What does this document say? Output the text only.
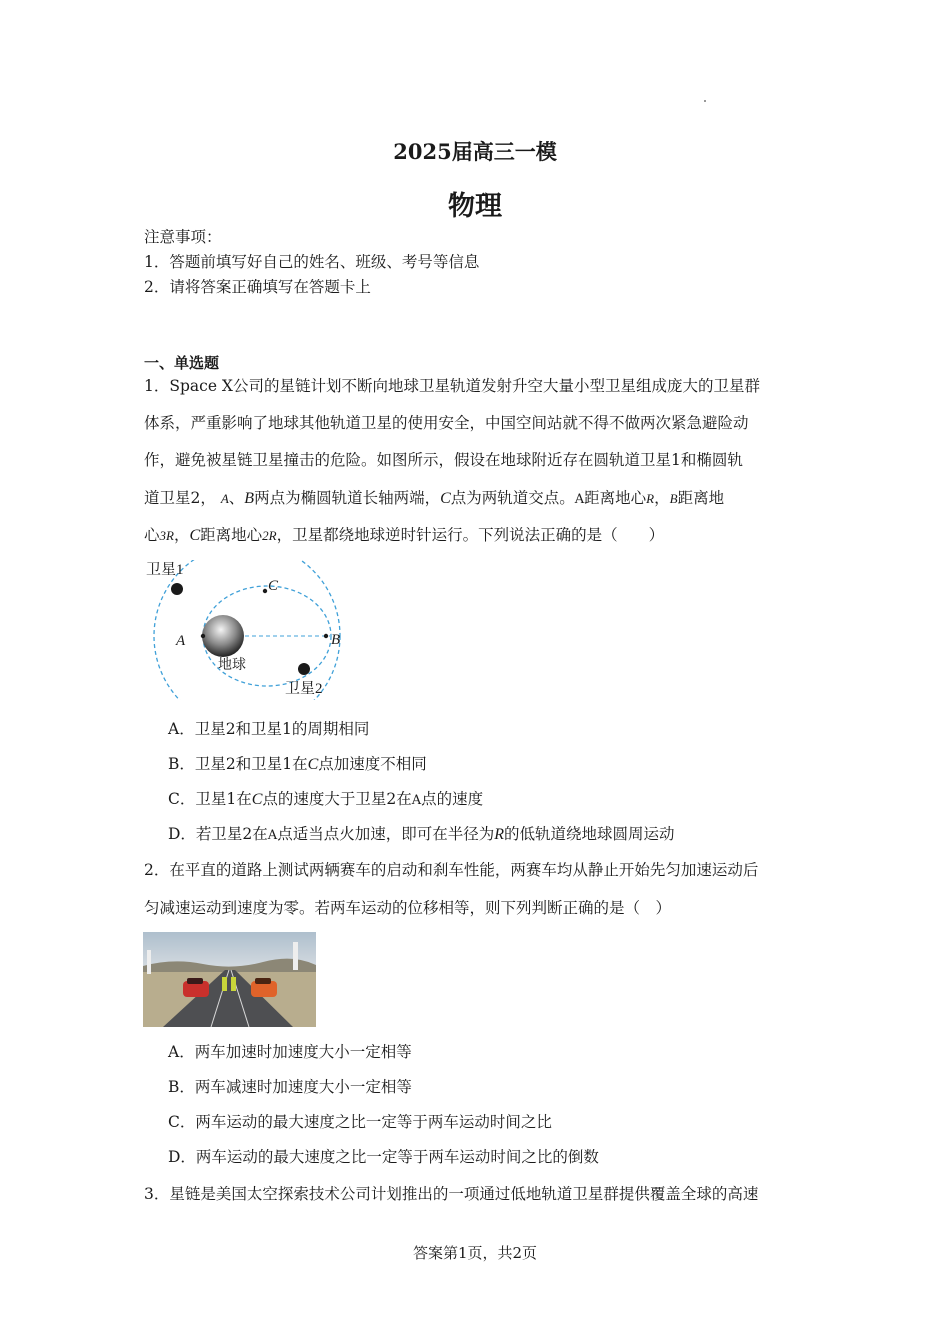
2025届高三一模
物理
注意事项：
1．答题前填写好自己的姓名、班级、考号等信息
2．请将答案正确填写在答题卡上
一、单选题
1．Space X公司的星链计划不断向地球卫星轨道发射升空大量小型卫星组成庞大的卫星群
体系，严重影响了地球其他轨道卫星的使用安全，中国空间站就不得不做两次紧急避险动
作，避免被星链卫星撞击的危险。如图所示，假设在地球附近存在圆轨道卫星1和椭圆轨
道卫星2， A、B两点为椭圆轨道长轴两端，C点为两轨道交点。A距离地心R，B距离地
心3R，C距离地心2R，卫星都绕地球逆时针运行。下列说法正确的是（　　）
卫星1
卫星2
地球
A	B
C
A．卫星2和卫星1的周期相同
B．卫星2和卫星1在C点加速度不相同
C．卫星1在C点的速度大于卫星2在A点的速度
D．若卫星2在A点适当点火加速，即可在半径为R的低轨道绕地球圆周运动
2．在平直的道路上测试两辆赛车的启动和刹车性能，两赛车均从静止开始先匀加速运动后
匀减速运动到速度为零。若两车运动的位移相等，则下列判断正确的是（　）
A．两车加速时加速度大小一定相等
B．两车减速时加速度大小一定相等
C．两车运动的最大速度之比一定等于两车运动时间之比
D．两车运动的最大速度之比一定等于两车运动时间之比的倒数
3．星链是美国太空探索技术公司计划推出的一项通过低地轨道卫星群提供覆盖全球的高速
答案第1页，共2页
